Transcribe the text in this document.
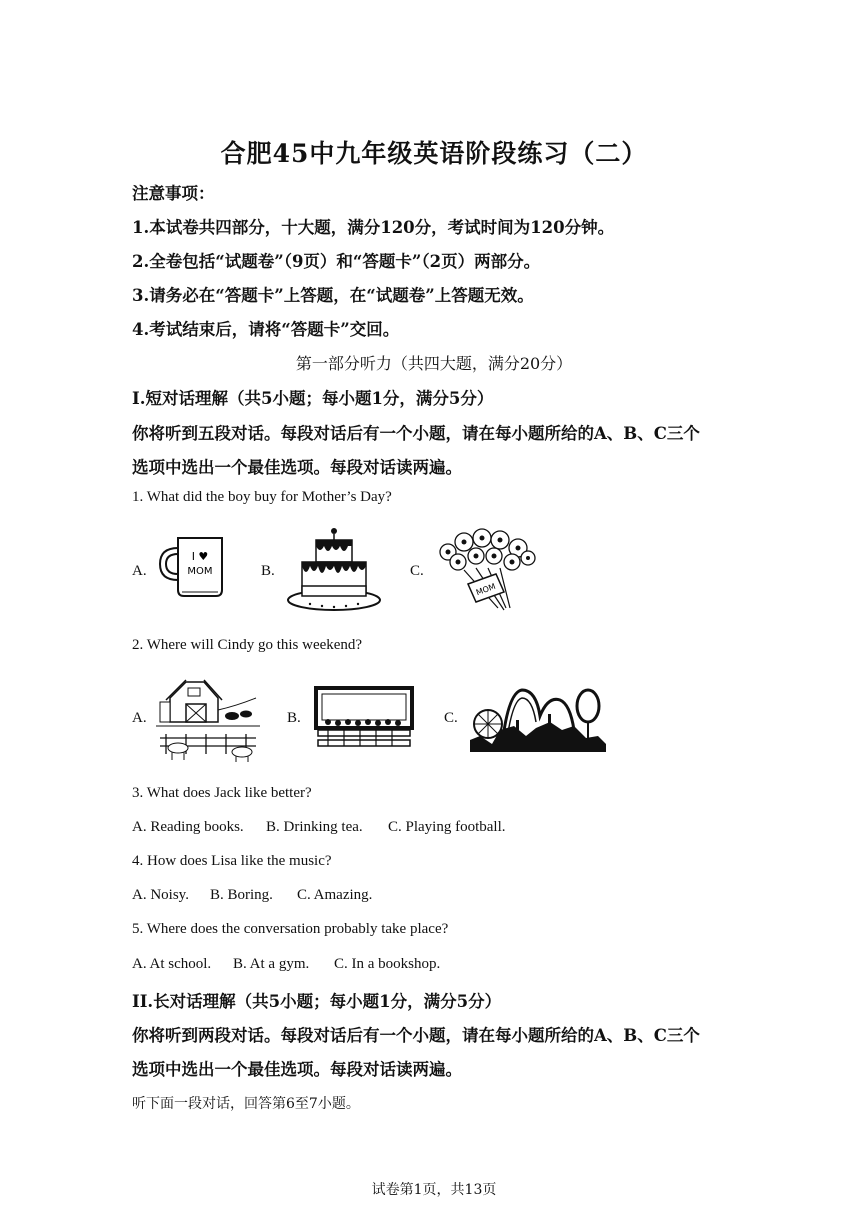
合肥45中九年级英语阶段练习（二）
注意事项：
1.本试卷共四部分，十大题，满分120分，考试时间为120分钟。
2.全卷包括“试题卷”（9页）和“答题卡”（2页）两部分。
3.请务必在“答题卡”上答题，在“试题卷”上答题无效。
4.考试结束后，请将“答题卡”交回。
第一部分听力（共四大题，满分20分）
I.短对话理解（共5小题；每小题1分，满分5分）
你将听到五段对话。每段对话后有一个小题，请在每小题所给的A、B、C三个
选项中选出一个最佳选项。每段对话读两遍。
1. What did the boy buy for Mother’s Day?
A.	B.	C.
I ♥
MOM
MOM
2. Where will Cindy go this weekend?
A.	B.	C.
3. What does Jack like better?
A. Reading books. B. Drinking tea. C. Playing football.
4. How does Lisa like the music?
A. Noisy. B. Boring. C. Amazing.
5. Where does the conversation probably take place?
A. At school. B. At a gym. C. In a bookshop.
II.长对话理解（共5小题；每小题1分，满分5分）
你将听到两段对话。每段对话后有一个小题，请在每小题所给的A、B、C三个
选项中选出一个最佳选项。每段对话读两遍。
听下面一段对话，回答第6至7小题。
试卷第1页，共13页
